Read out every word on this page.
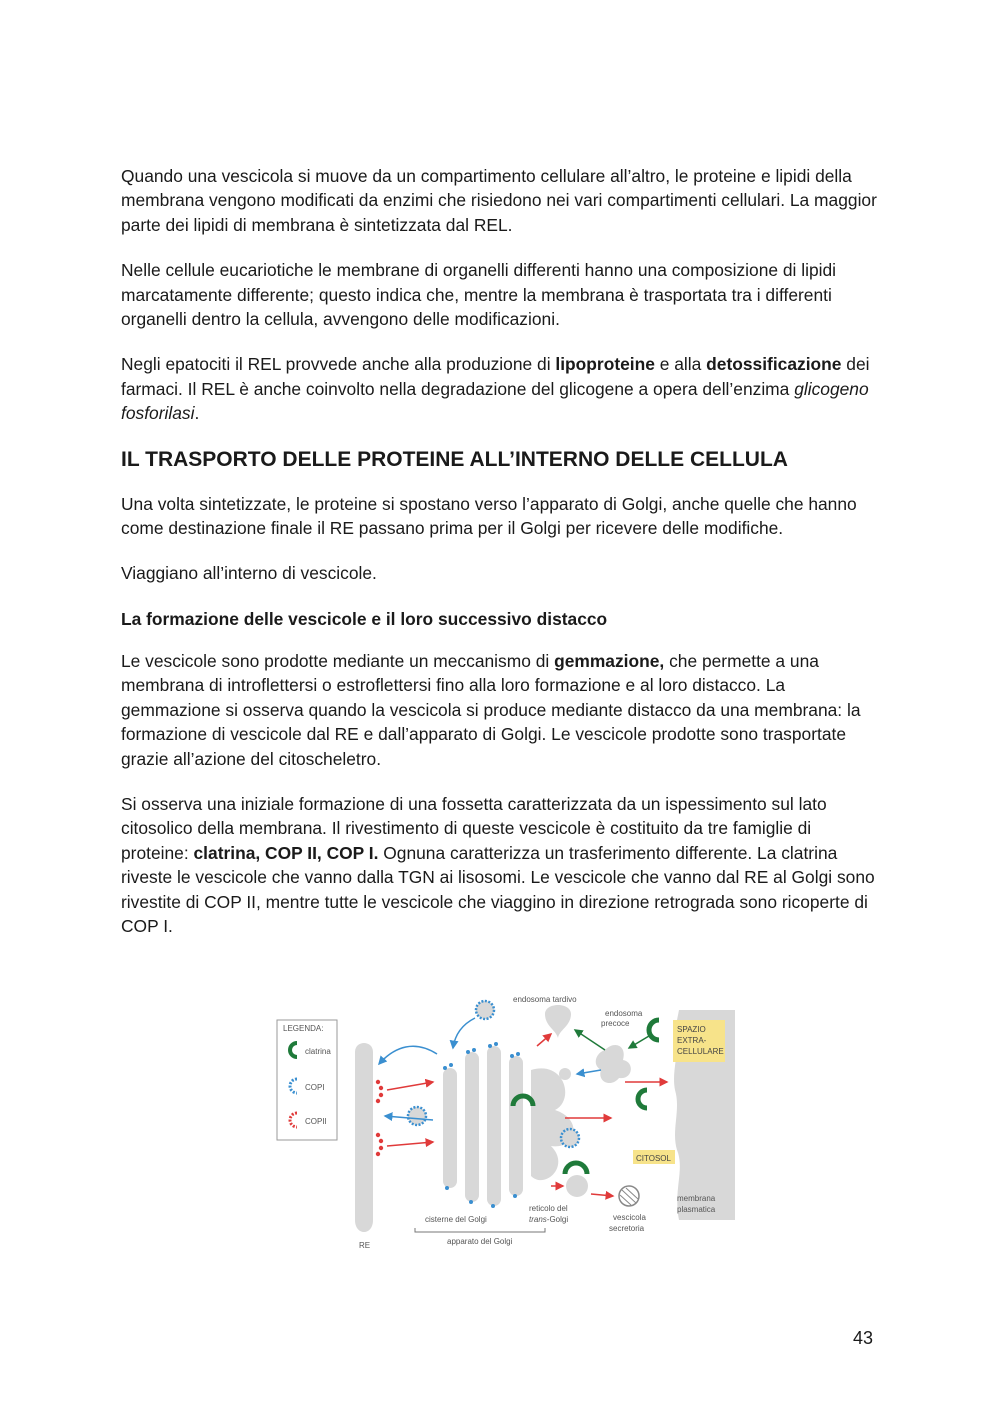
Quando una vescicola si muove da un compartimento cellulare all’altro, le proteine e lipidi della membrana vengono modificati da enzimi che risiedono nei vari compartimenti cellulari. La maggior parte dei lipidi di membrana è sintetizzata dal REL.

Nelle cellule eucariotiche le membrane di organelli differenti hanno una composizione di lipidi marcatamente differente; questo indica che, mentre la membrana è trasportata tra i differenti organelli dentro la cellula, avvengono delle modificazioni.

Negli epatociti il REL provvede anche alla produzione di lipoproteine e alla detossificazione dei farmaci. Il REL è anche coinvolto nella degradazione del glicogene a opera dell’enzima glicogeno fosforilasi.

IL TRASPORTO DELLE PROTEINE ALL’INTERNO DELLE CELLULA

Una volta sintetizzate, le proteine si spostano verso l’apparato di Golgi, anche quelle che hanno come destinazione finale il RE passano prima per il Golgi per ricevere delle modifiche.

Viaggiano all’interno di vescicole.

La formazione delle vescicole e il loro successivo distacco

Le vescicole sono prodotte mediante un meccanismo di gemmazione, che permette a una membrana di introflettersi o estroflettersi fino alla loro formazione e al loro distacco. La gemmazione si osserva quando la vescicola si produce mediante distacco da una membrana: la formazione di vescicole dal RE e dall’apparato di Golgi. Le vescicole prodotte sono trasportate grazie all’azione del citoscheletro.

Si osserva una iniziale formazione di una fossetta caratterizzata da un ispessimento sul lato citosolico della membrana. Il rivestimento di queste vescicole è costituito da tre famiglie di proteine: clatrina, COP II, COP I. Ognuna caratterizza un trasferimento differente. La clatrina riveste le vescicole che vanno dalla TGN ai lisosomi. Le vescicole che vanno dal RE al Golgi sono rivestite di COP II, mentre tutte le vescicole che viaggino in direzione retrograda sono ricoperte di COP I.

LEGENDA:
clatrina
COPI
COPII
SPAZIO
EXTRA-
CELLULARE
CITOSOL
membrana
plasmatica
RE
endosoma tardivo
endosoma
precoce
cisterne del Golgi
reticolo del
trans-Golgi	vescicola
secretoria
apparato del Golgi
43
